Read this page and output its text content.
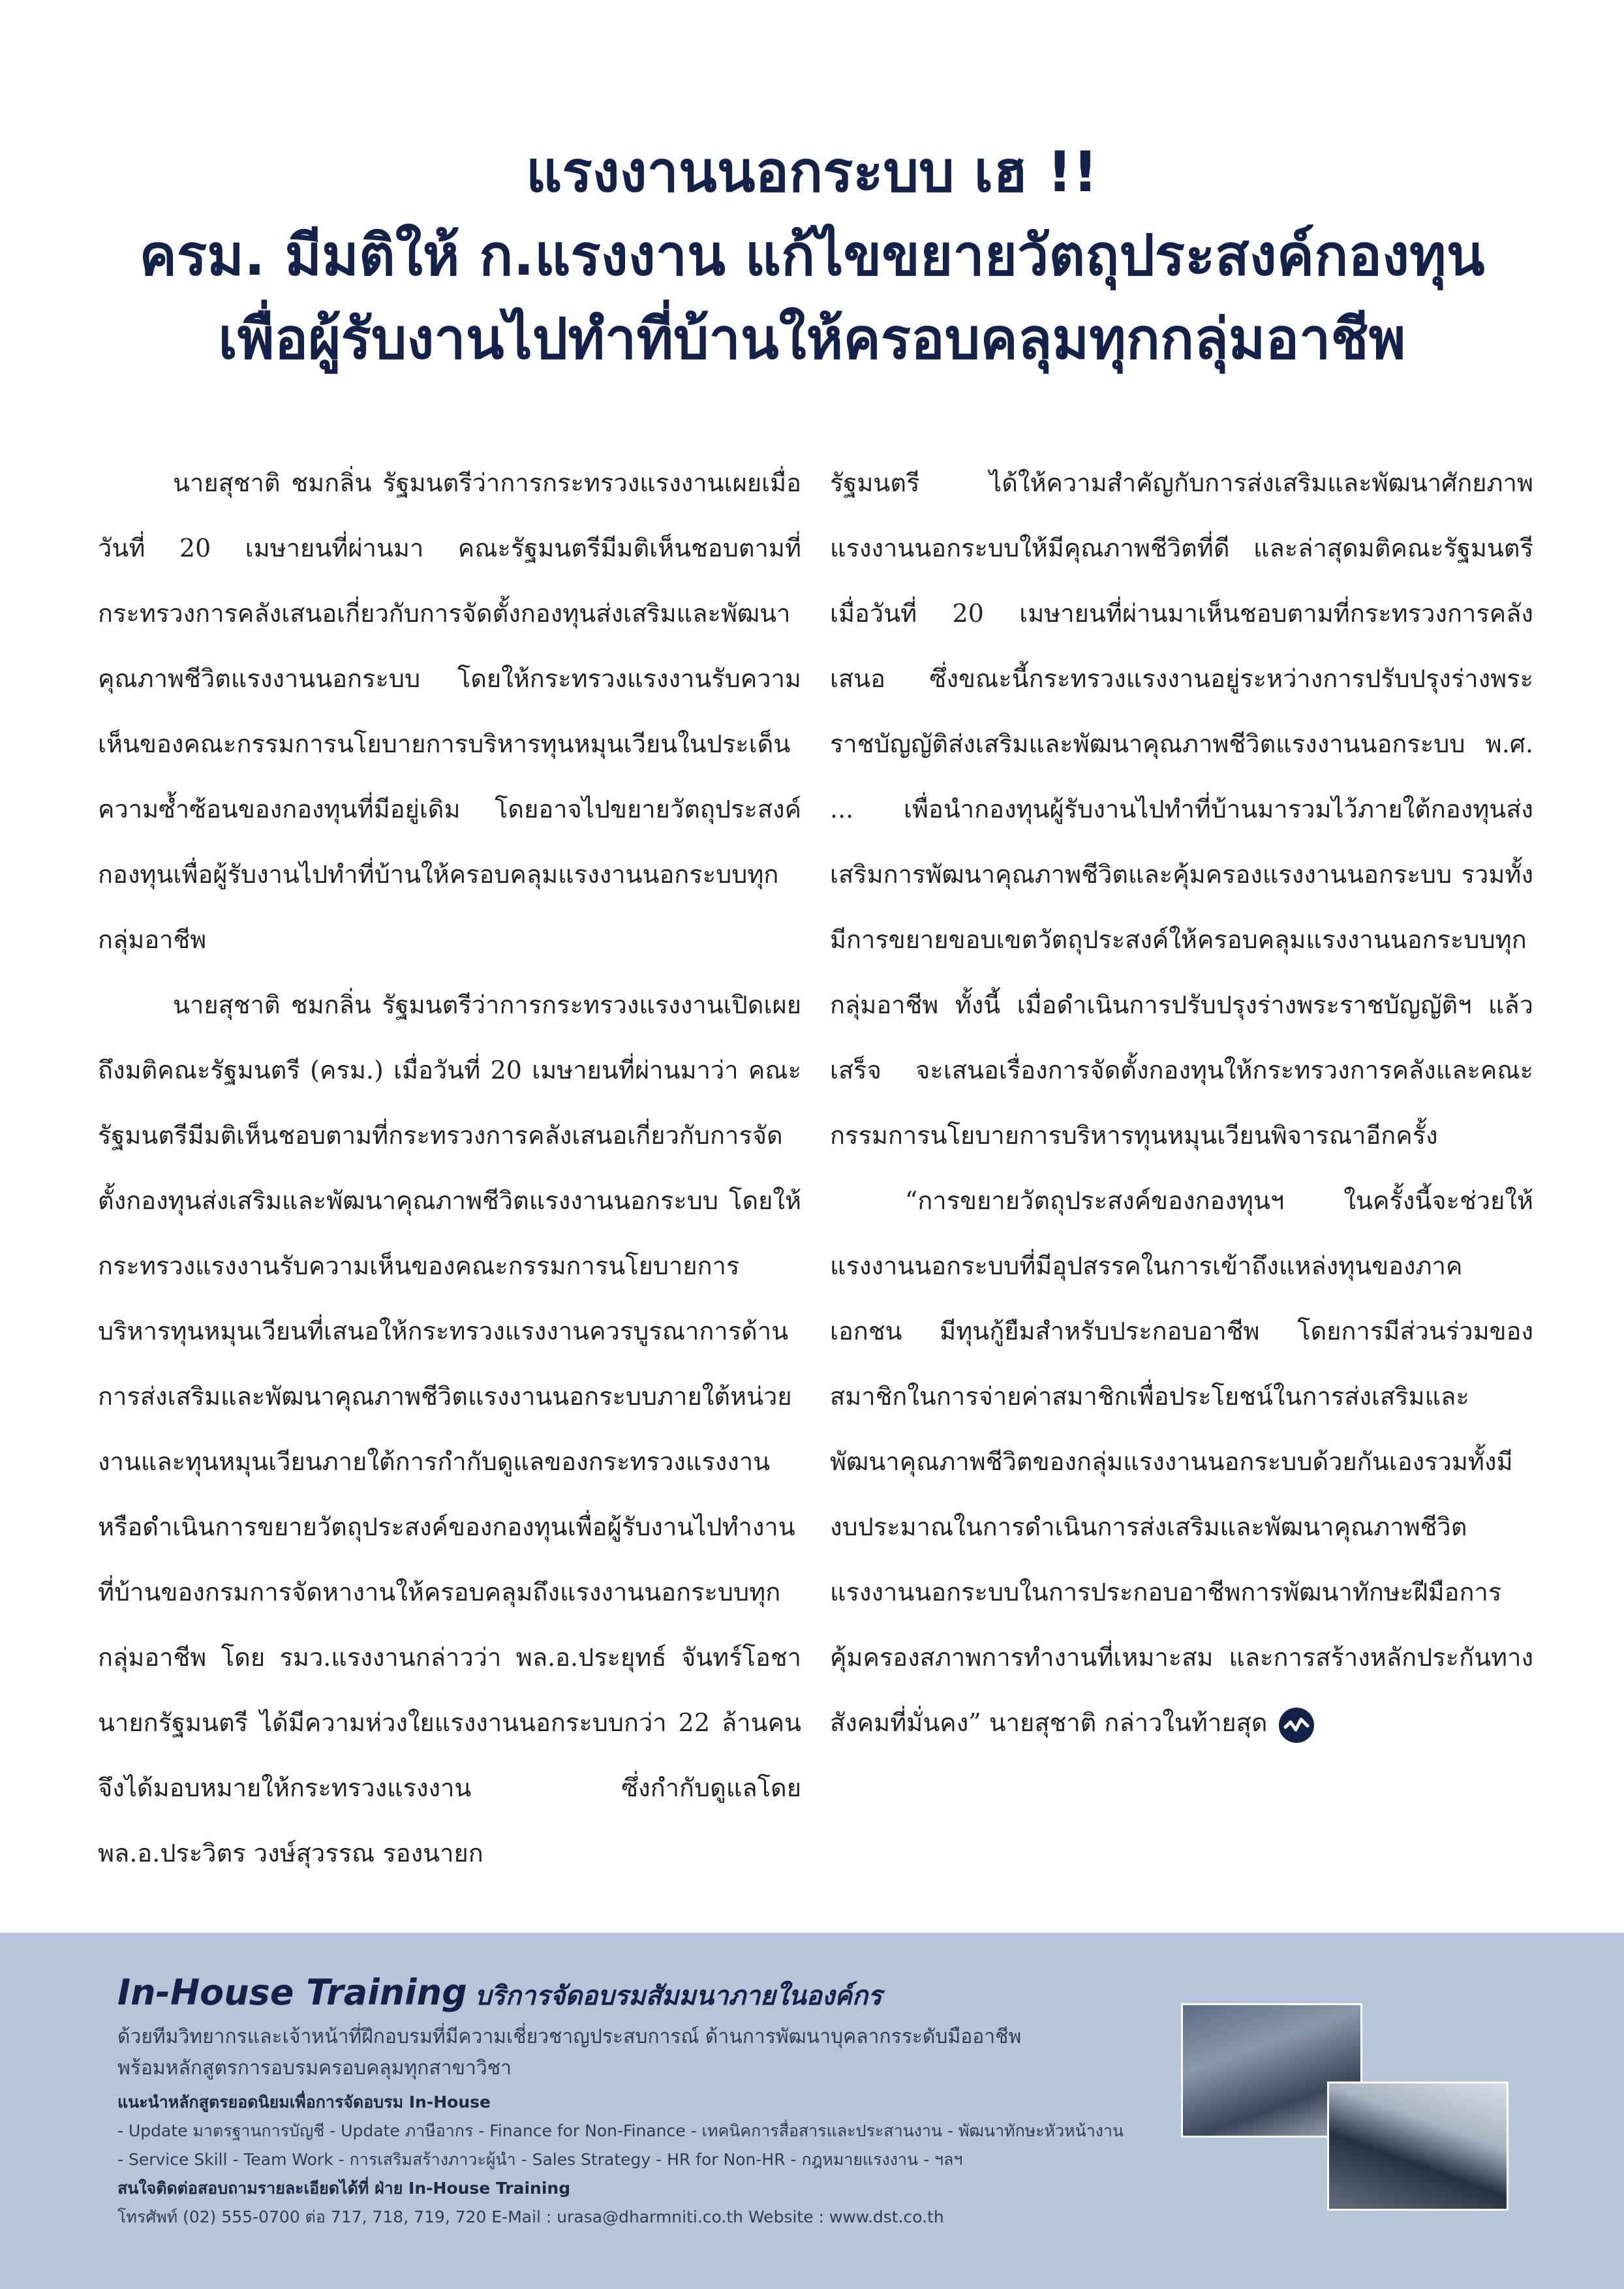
แรงงานนอกระบบ เฮ !!
ครม. มีมติให้ ก.แรงงาน แก้ไขขยายวัตถุประสงค์กองทุน
เพื่อผู้รับงานไปทำที่บ้านให้ครอบคลุมทุกกลุ่มอาชีพ

นายสุชาติ ชมกลิ่น รัฐมนตรีว่าการกระทรวงแรงงานเผยเมื่อวันที่ 20 เมษายนที่ผ่านมา คณะรัฐมนตรีมีมติเห็นชอบตามที่กระทรวงการคลังเสนอเกี่ยวกับการจัดตั้งกองทุนส่งเสริมและพัฒนาคุณภาพชีวิตแรงงานนอกระบบ โดยให้กระทรวงแรงงานรับความเห็นของคณะกรรมการนโยบายการบริหารทุนหมุนเวียนในประเด็นความซ้ำซ้อนของกองทุนที่มีอยู่เดิม โดยอาจไปขยายวัตถุประสงค์กองทุนเพื่อผู้รับงานไปทำที่บ้านให้ครอบคลุมแรงงานนอกระบบทุกกลุ่มอาชีพ

นายสุชาติ ชมกลิ่น รัฐมนตรีว่าการกระทรวงแรงงานเปิดเผยถึงมติคณะรัฐมนตรี (ครม.) เมื่อวันที่ 20 เมษายนที่ผ่านมาว่า คณะรัฐมนตรีมีมติเห็นชอบตามที่กระทรวงการคลังเสนอเกี่ยวกับการจัดตั้งกองทุนส่งเสริมและพัฒนาคุณภาพชีวิตแรงงานนอกระบบ โดยให้กระทรวงแรงงานรับความเห็นของคณะกรรมการนโยบายการบริหารทุนหมุนเวียนที่เสนอให้กระทรวงแรงงานควรบูรณาการด้านการส่งเสริมและพัฒนาคุณภาพชีวิตแรงงานนอกระบบภายใต้หน่วยงานและทุนหมุนเวียนภายใต้การกำกับดูแลของกระทรวงแรงงาน หรือดำเนินการขยายวัตถุประสงค์ของกองทุนเพื่อผู้รับงานไปทำงานที่บ้านของกรมการจัดหางานให้ครอบคลุมถึงแรงงานนอกระบบทุกกลุ่มอาชีพ โดย รมว.แรงงานกล่าวว่า พล.อ.ประยุทธ์ จันทร์โอชา นายกรัฐมนตรี ได้มีความห่วงใยแรงงานนอกระบบกว่า 22 ล้านคน จึงได้มอบหมายให้กระทรวงแรงงาน ซึ่งกำกับดูแลโดย พล.อ.ประวิตร วงษ์สุวรรณ รองนายก

รัฐมนตรี ได้ให้ความสำคัญกับการส่งเสริมและพัฒนาศักยภาพแรงงานนอกระบบให้มีคุณภาพชีวิตที่ดี และล่าสุดมติคณะรัฐมนตรีเมื่อวันที่ 20 เมษายนที่ผ่านมาเห็นชอบตามที่กระทรวงการคลังเสนอ ซึ่งขณะนี้กระทรวงแรงงานอยู่ระหว่างการปรับปรุงร่างพระราชบัญญัติส่งเสริมและพัฒนาคุณภาพชีวิตแรงงานนอกระบบ พ.ศ. ... เพื่อนำกองทุนผู้รับงานไปทำที่บ้านมารวมไว้ภายใต้กองทุนส่งเสริมการพัฒนาคุณภาพชีวิตและคุ้มครองแรงงานนอกระบบ รวมทั้งมีการขยายขอบเขตวัตถุประสงค์ให้ครอบคลุมแรงงานนอกระบบทุกกลุ่มอาชีพ ทั้งนี้ เมื่อดำเนินการปรับปรุงร่างพระราชบัญญัติฯ แล้วเสร็จ จะเสนอเรื่องการจัดตั้งกองทุนให้กระทรวงการคลังและคณะกรรมการนโยบายการบริหารทุนหมุนเวียนพิจารณาอีกครั้ง

“การขยายวัตถุประสงค์ของกองทุนฯ ในครั้งนี้จะช่วยให้แรงงานนอกระบบที่มีอุปสรรคในการเข้าถึงแหล่งทุนของภาคเอกชน มีทุนกู้ยืมสำหรับประกอบอาชีพ โดยการมีส่วนร่วมของสมาชิกในการจ่ายค่าสมาชิกเพื่อประโยชน์ในการส่งเสริมและพัฒนาคุณภาพชีวิตของกลุ่มแรงงานนอกระบบด้วยกันเองรวมทั้งมีงบประมาณในการดำเนินการส่งเสริมและพัฒนาคุณภาพชีวิตแรงงานนอกระบบในการประกอบอาชีพการพัฒนาทักษะฝีมือการคุ้มครองสภาพการทำงานที่เหมาะสม และการสร้างหลักประกันทางสังคมที่มั่นคง” นายสุชาติ กล่าวในท้ายสุด

In-House Training บริการจัดอบรมสัมมนาภายในองค์กร
ด้วยทีมวิทยากรและเจ้าหน้าที่ฝึกอบรมที่มีความเชี่ยวชาญประสบการณ์ ด้านการพัฒนาบุคลากรระดับมืออาชีพ
พร้อมหลักสูตรการอบรมครอบคลุมทุกสาขาวิชา
แนะนำหลักสูตรยอดนิยมเพื่อการจัดอบรม In-House
- Update มาตรฐานการบัญชี - Update ภาษีอากร - Finance for Non-Finance - เทคนิคการสื่อสารและประสานงาน - พัฒนาทักษะหัวหน้างาน
- Service Skill - Team Work - การเสริมสร้างภาวะผู้นำ - Sales Strategy - HR for Non-HR - กฎหมายแรงงาน - ฯลฯ
สนใจติดต่อสอบถามรายละเอียดได้ที่ ฝ่าย In-House Training
โทรศัพท์ (02) 555-0700 ต่อ 717, 718, 719, 720 E-Mail : urasa@dharmniti.co.th Website : www.dst.co.th
